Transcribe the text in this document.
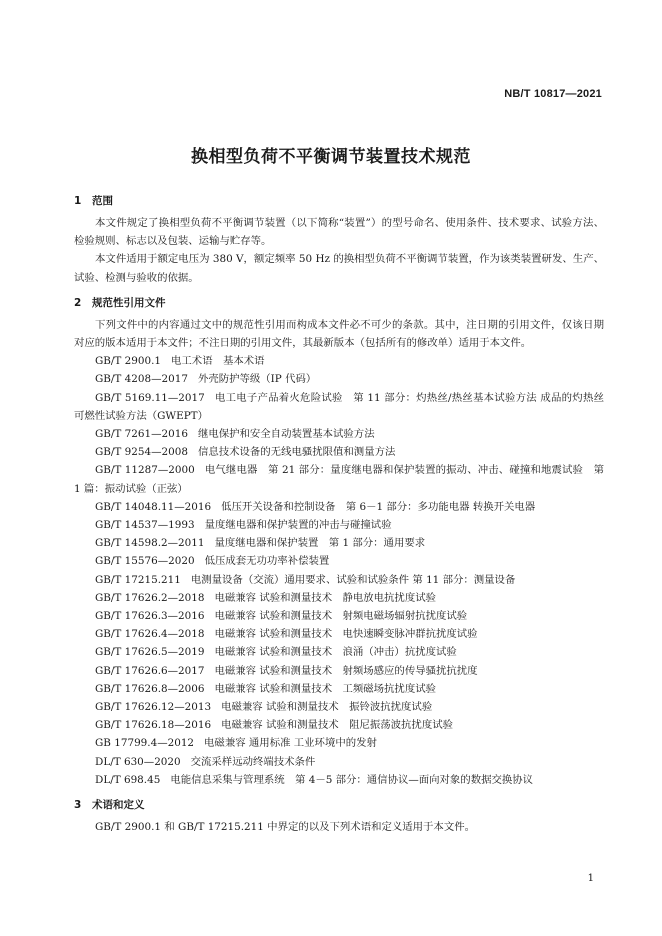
NB/T 10817—2021
换相型负荷不平衡调节装置技术规范
1 范围

本文件规定了换相型负荷不平衡调节装置（以下简称“装置”）的型号命名、使用条件、技术要求、试验方法、检验规则、标志以及包装、运输与贮存等。

本文件适用于额定电压为 380 V，额定频率 50 Hz 的换相型负荷不平衡调节装置，作为该类装置研发、生产、试验、检测与验收的依据。

2 规范性引用文件

下列文件中的内容通过文中的规范性引用而构成本文件必不可少的条款。其中，注日期的引用文件，仅该日期对应的版本适用于本文件；不注日期的引用文件，其最新版本（包括所有的修改单）适用于本文件。

GB/T 2900.1 电工术语　基本术语
GB/T 4208—2017 外壳防护等级（IP 代码）
GB/T 5169.11—2017 电工电子产品着火危险试验　第 11 部分：灼热丝/热丝基本试验方法 成品的灼热丝可燃性试验方法（GWEPT）
GB/T 7261—2016 继电保护和安全自动装置基本试验方法
GB/T 9254—2008 信息技术设备的无线电骚扰限值和测量方法
GB/T 11287—2000 电气继电器　第 21 部分：量度继电器和保护装置的振动、冲击、碰撞和地震试验　第 1 篇：振动试验（正弦）
GB/T 14048.11—2016 低压开关设备和控制设备　第 6－1 部分：多功能电器 转换开关电器
GB/T 14537—1993 量度继电器和保护装置的冲击与碰撞试验
GB/T 14598.2—2011 量度继电器和保护装置　第 1 部分：通用要求
GB/T 15576—2020 低压成套无功功率补偿装置
GB/T 17215.211 电测量设备（交流）通用要求、试验和试验条件 第 11 部分：测量设备
GB/T 17626.2—2018 电磁兼容 试验和测量技术　静电放电抗扰度试验
GB/T 17626.3—2016 电磁兼容 试验和测量技术　射频电磁场辐射抗扰度试验
GB/T 17626.4—2018 电磁兼容 试验和测量技术　电快速瞬变脉冲群抗扰度试验
GB/T 17626.5—2019 电磁兼容 试验和测量技术　浪涌（冲击）抗扰度试验
GB/T 17626.6—2017 电磁兼容 试验和测量技术　射频场感应的传导骚扰抗扰度
GB/T 17626.8—2006 电磁兼容 试验和测量技术　工频磁场抗扰度试验
GB/T 17626.12—2013 电磁兼容 试验和测量技术　振铃波抗扰度试验
GB/T 17626.18—2016 电磁兼容 试验和测量技术　阻尼振荡波抗扰度试验
GB 17799.4—2012 电磁兼容 通用标准 工业环境中的发射
DL/T 630—2020 交流采样远动终端技术条件
DL/T 698.45 电能信息采集与管理系统　第 4－5 部分：通信协议—面向对象的数据交换协议
3 术语和定义

GB/T 2900.1 和 GB/T 17215.211 中界定的以及下列术语和定义适用于本文件。

1
